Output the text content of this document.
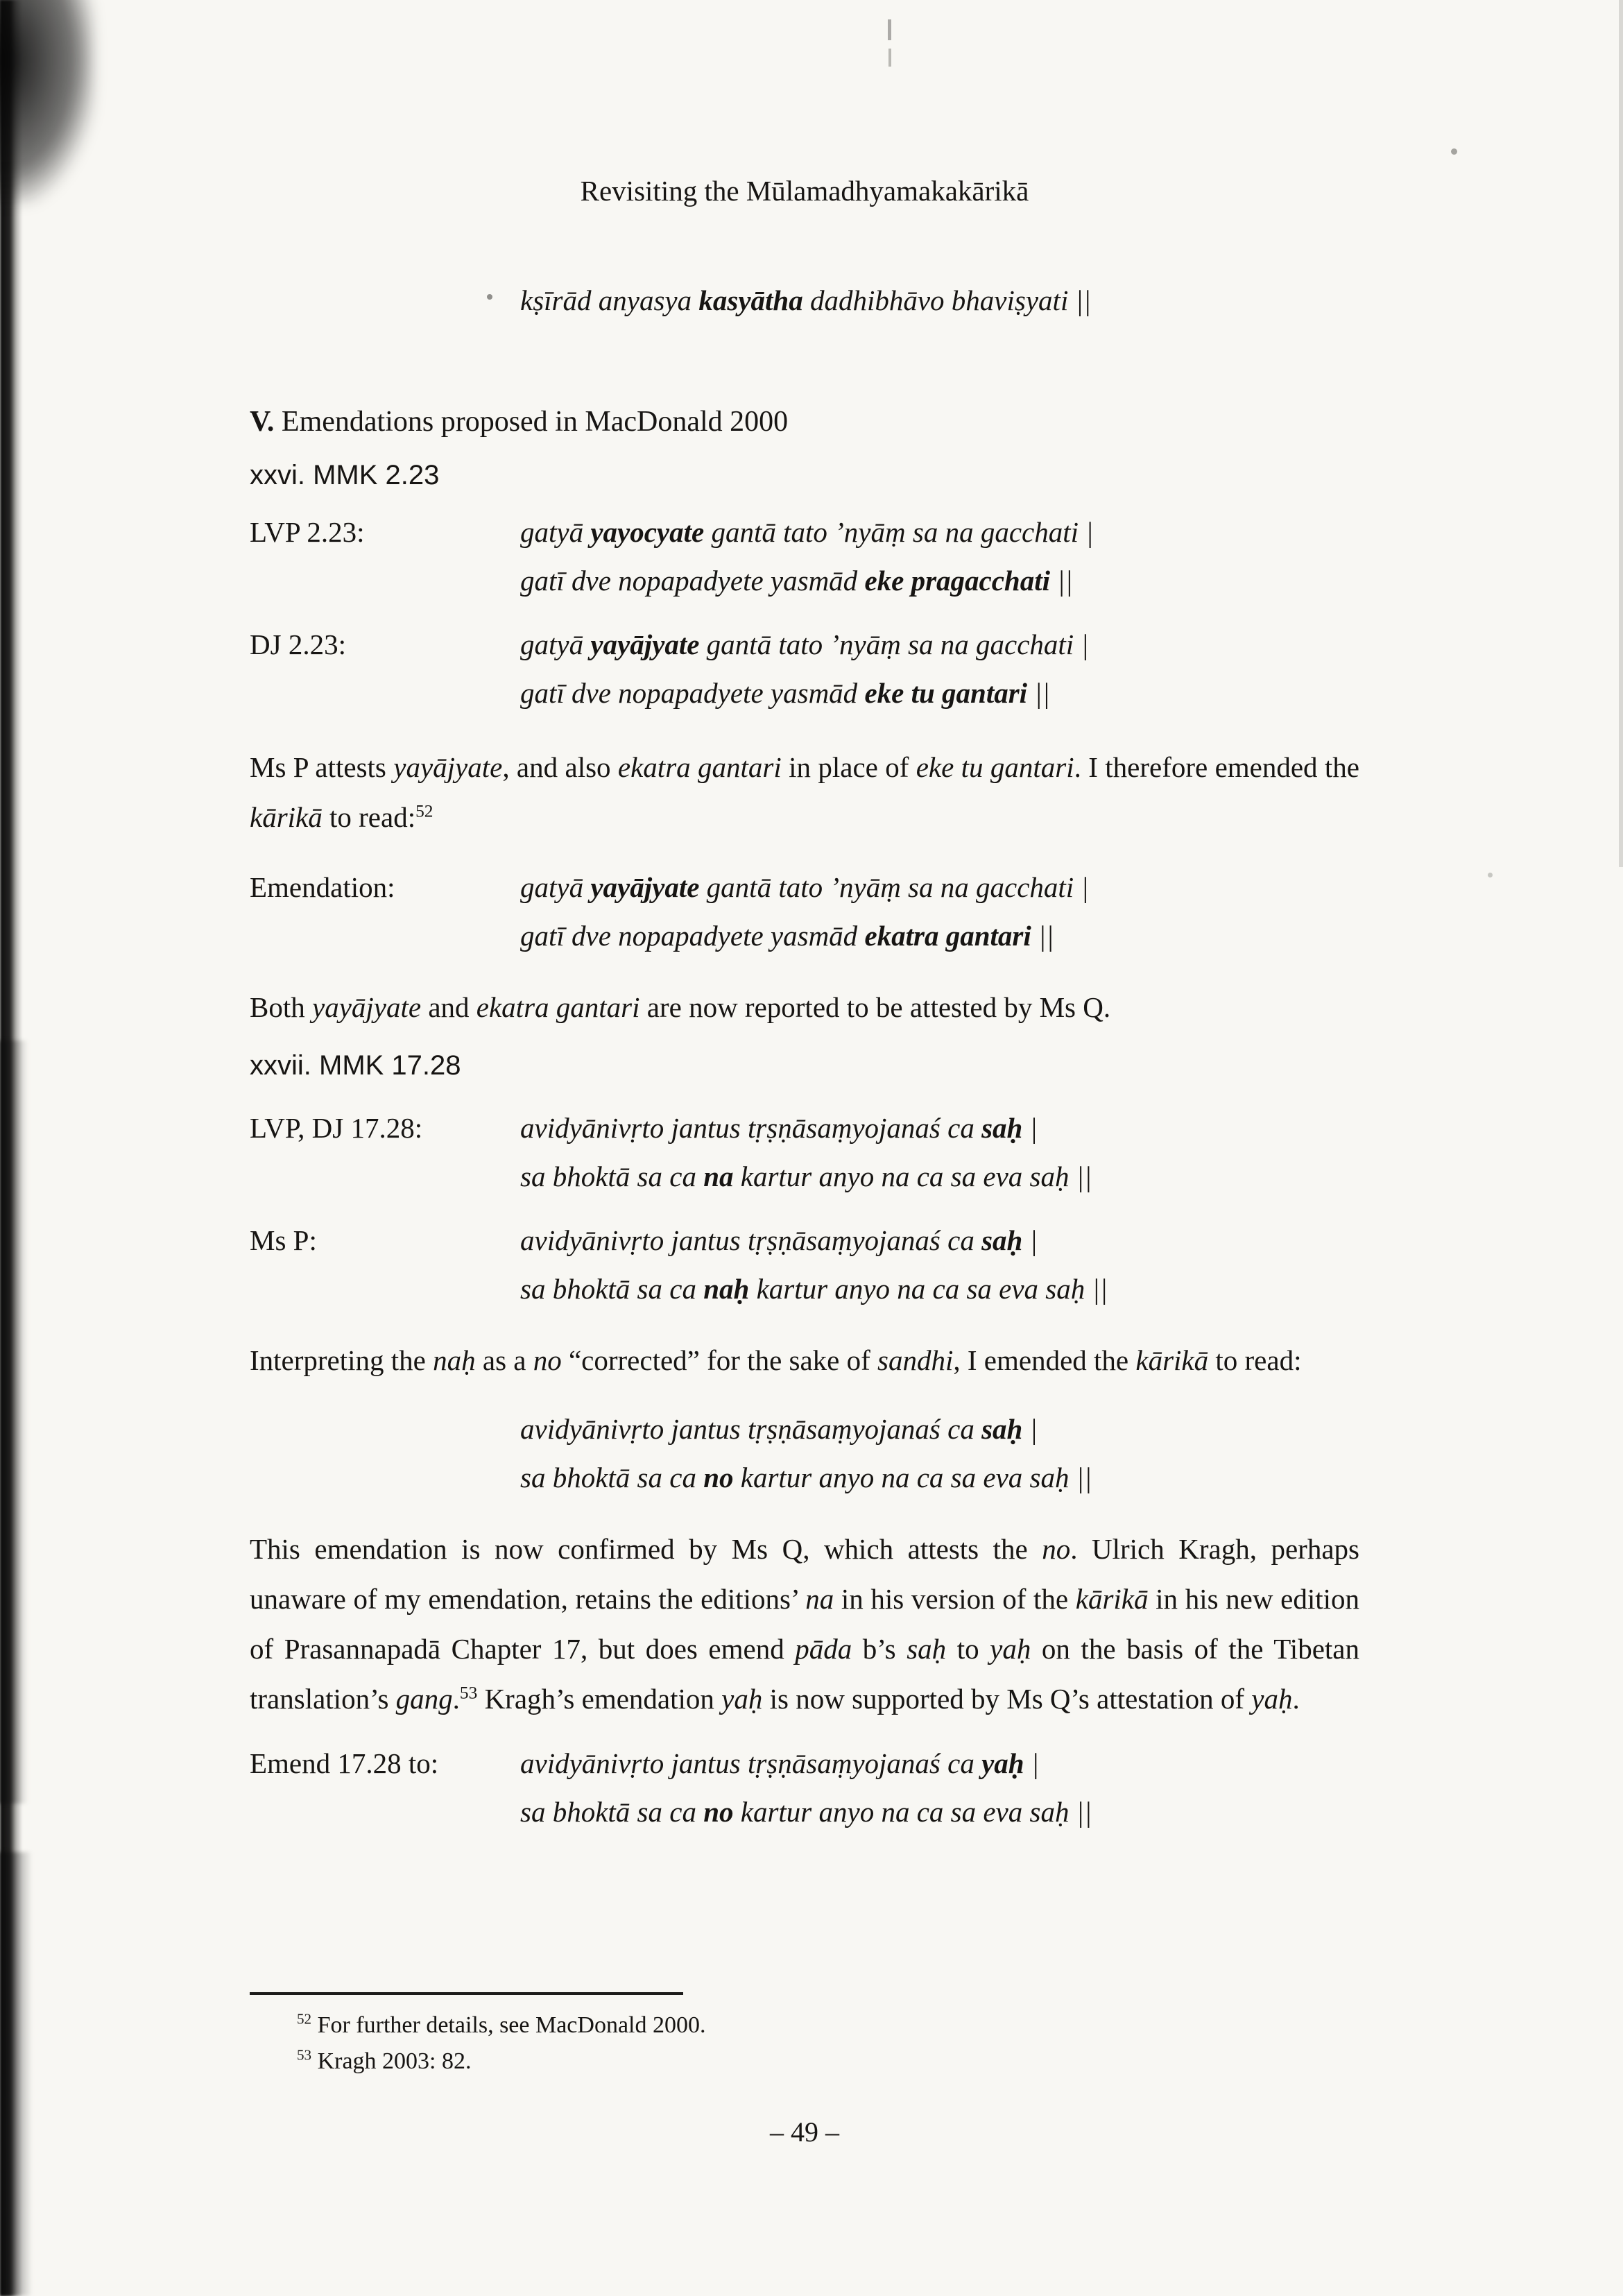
Revisiting the Mūlamadhyamakakārikā
kṣīrād anyasya kasyātha dadhibhāvo bhaviṣyati ||
V. Emendations proposed in MacDonald 2000
xxvi. MMK 2.23
LVP 2.23:	gatyā yayocyate gantā tato ’nyāṃ sa na gacchati |
gatī dve nopapadyete yasmād eke pragacchati ||
DJ 2.23:	gatyā yayājyate gantā tato ’nyāṃ sa na gacchati |
gatī dve nopapadyete yasmād eke tu gantari ||
Ms P attests yayājyate, and also ekatra gantari in place of eke tu gantari. I therefore emended the kārikā to read:$^{52}$
Emendation:	gatyā yayājyate gantā tato ’nyāṃ sa na gacchati |
gatī dve nopapadyete yasmād ekatra gantari ||
Both yayājyate and ekatra gantari are now reported to be attested by Ms Q.
xxvii. MMK 17.28
LVP, DJ 17.28:	avidyānivṛto jantus tṛṣṇāsaṃyojanaś ca saḥ |
sa bhoktā sa ca na kartur anyo na ca sa eva saḥ ||
Ms P:	avidyānivṛto jantus tṛṣṇāsaṃyojanaś ca saḥ |
sa bhoktā sa ca naḥ kartur anyo na ca sa eva saḥ ||
Interpreting the naḥ as a no “corrected” for the sake of sandhi, I emended the kārikā to read:
avidyānivṛto jantus tṛṣṇāsaṃyojanaś ca saḥ |
sa bhoktā sa ca no kartur anyo na ca sa eva saḥ ||
This emendation is now confirmed by Ms Q, which attests the no. Ulrich Kragh, perhaps unaware of my emendation, retains the editions’ na in his version of the kārikā in his new edition of Prasannapadā Chapter 17, but does emend pāda b’s saḥ to yaḥ on the basis of the Tibetan translation’s gang.$^{53}$ Kragh’s emendation yaḥ is now supported by Ms Q’s attestation of yaḥ.
Emend 17.28 to:	avidyānivṛto jantus tṛṣṇāsaṃyojanaś ca yaḥ |
sa bhoktā sa ca no kartur anyo na ca sa eva saḥ ||
$^{52}$ For further details, see MacDonald 2000.
$^{53}$ Kragh 2003: 82.
– 49 –
